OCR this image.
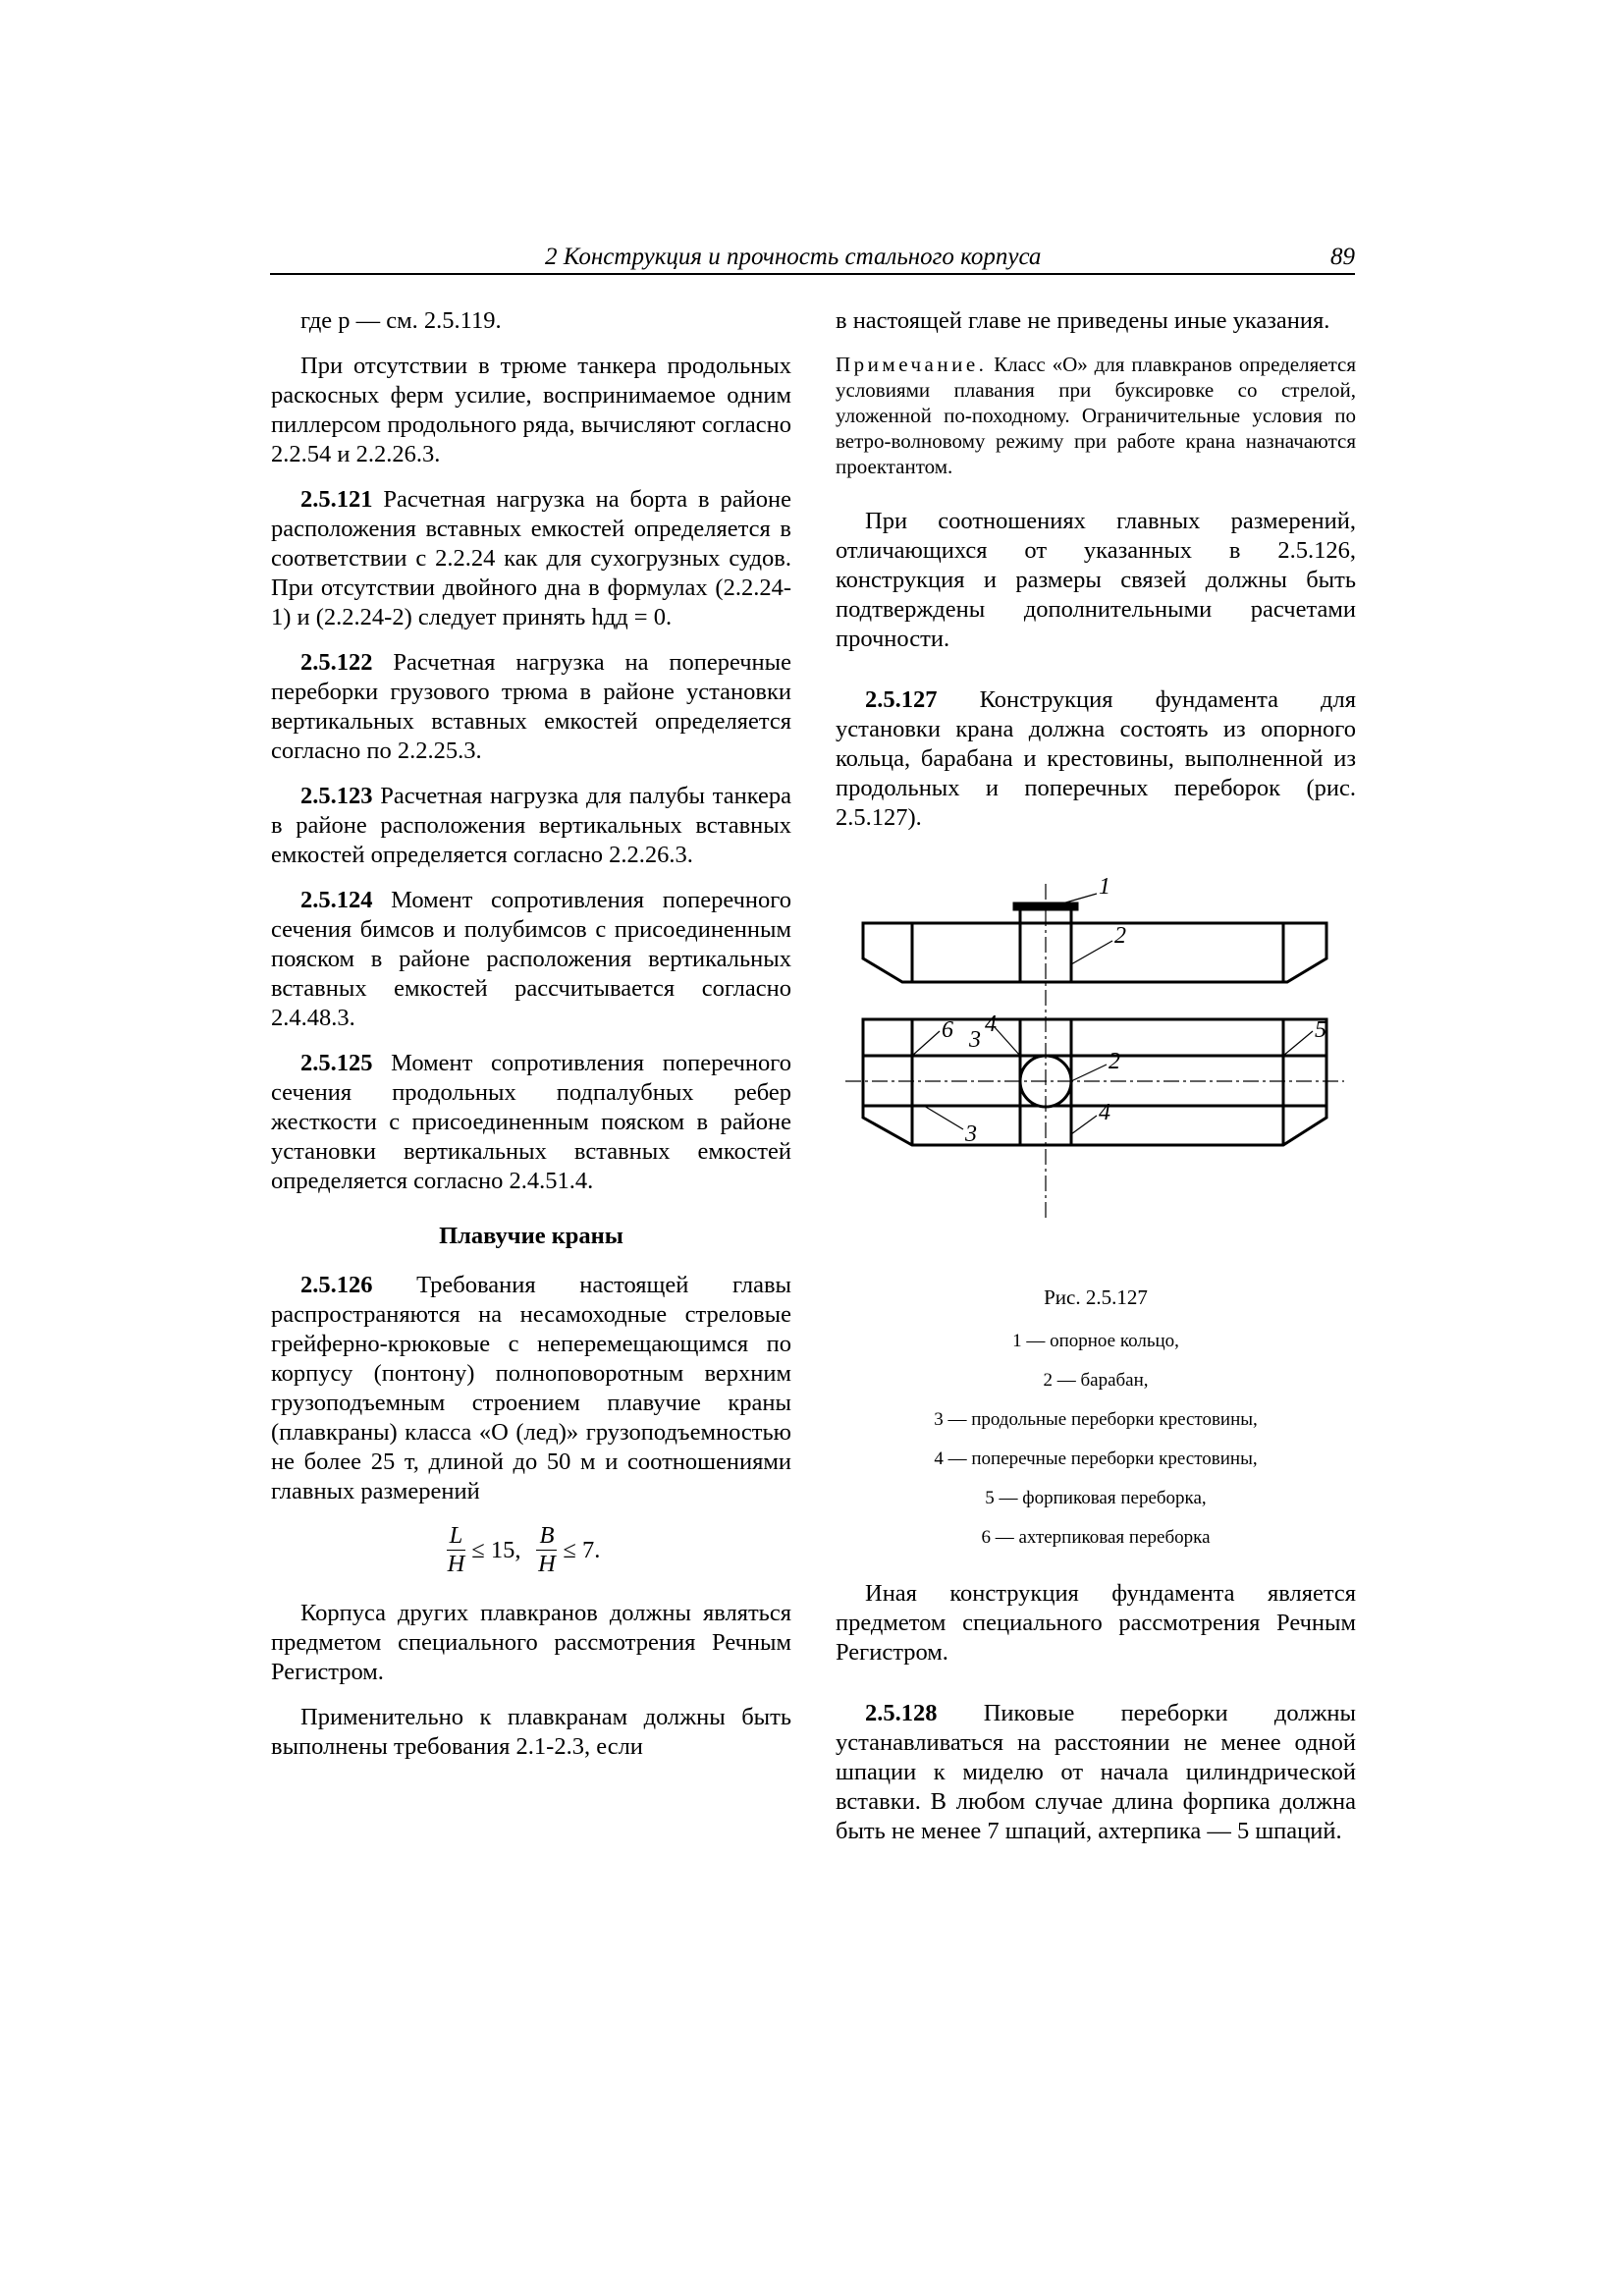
2 Конструкция и прочность стального корпуса	89

где p — см. 2.5.119.

При отсутствии в трюме танкера продольных раскосных ферм усилие, воспринимаемое одним пиллерсом продольного ряда, вычисляют согласно 2.2.54 и 2.2.26.3.

2.5.121 Расчетная нагрузка на борта в районе расположения вставных емкостей определяется в соответствии с 2.2.24 как для сухогрузных судов. При отсутствии двойного дна в формулах (2.2.24-1) и (2.2.24-2) следует принять hдд = 0.

2.5.122 Расчетная нагрузка на поперечные переборки грузового трюма в районе установки вертикальных вставных емкостей определяется согласно по 2.2.25.3.

2.5.123 Расчетная нагрузка для палубы танкера в районе расположения вертикальных вставных емкостей определяется согласно 2.2.26.3.

2.5.124 Момент сопротивления поперечного сечения бимсов и полубимсов с присоединенным пояском в районе расположения вертикальных вставных емкостей рассчитывается согласно 2.4.48.3.

2.5.125 Момент сопротивления поперечного сечения продольных подпалубных ребер жесткости с присоединенным пояском в районе установки вертикальных вставных емкостей определяется согласно 2.4.51.4.

Плавучие краны

2.5.126 Требования настоящей главы распространяются на несамоходные стреловые грейферно-крюковые с неперемещающимся по корпусу (понтону) полноповоротным верхним грузоподъемным строением плавучие краны (плавкраны) класса «О (лед)» грузоподъемностью не более 25 т, длиной до 50 м и соотношениями главных размерений

$\frac{L}{H} \le 15$, $\frac{B}{H} \le 7$.

Корпуса других плавкранов должны являться предметом специального рассмотрения Речным Регистром.

Применительно к плавкранам должны быть выполнены требования 2.1-2.3, если

в настоящей главе не приведены иные указания.

Примечание. Класс «О» для плавкранов определяется условиями плавания при буксировке со стрелой, уложенной по-походному. Ограничительные условия по ветро-волновому режиму при работе крана назначаются проектантом.

При соотношениях главных размерений, отличающихся от указанных в 2.5.126, конструкция и размеры связей должны быть подтверждены дополнительными расчетами прочности.

2.5.127 Конструкция фундамента для установки крана должна состоять из опорного кольца, барабана и крестовины, выполненной из продольных и поперечных переборок (рис. 2.5.127).

1
2
6 3
4
2
5
3
4

Рис. 2.5.127

1 — опорное кольцо,

2 — барабан,

3 — продольные переборки крестовины,

4 — поперечные переборки крестовины,

5 — форпиковая переборка,

6 — ахтерпиковая переборка

Иная конструкция фундамента является предметом специального рассмотрения Речным Регистром.

2.5.128 Пиковые переборки должны устанавливаться на расстоянии не менее одной шпации к миделю от начала цилиндрической вставки. В любом случае длина форпика должна быть не менее 7 шпаций, ахтерпика — 5 шпаций.
